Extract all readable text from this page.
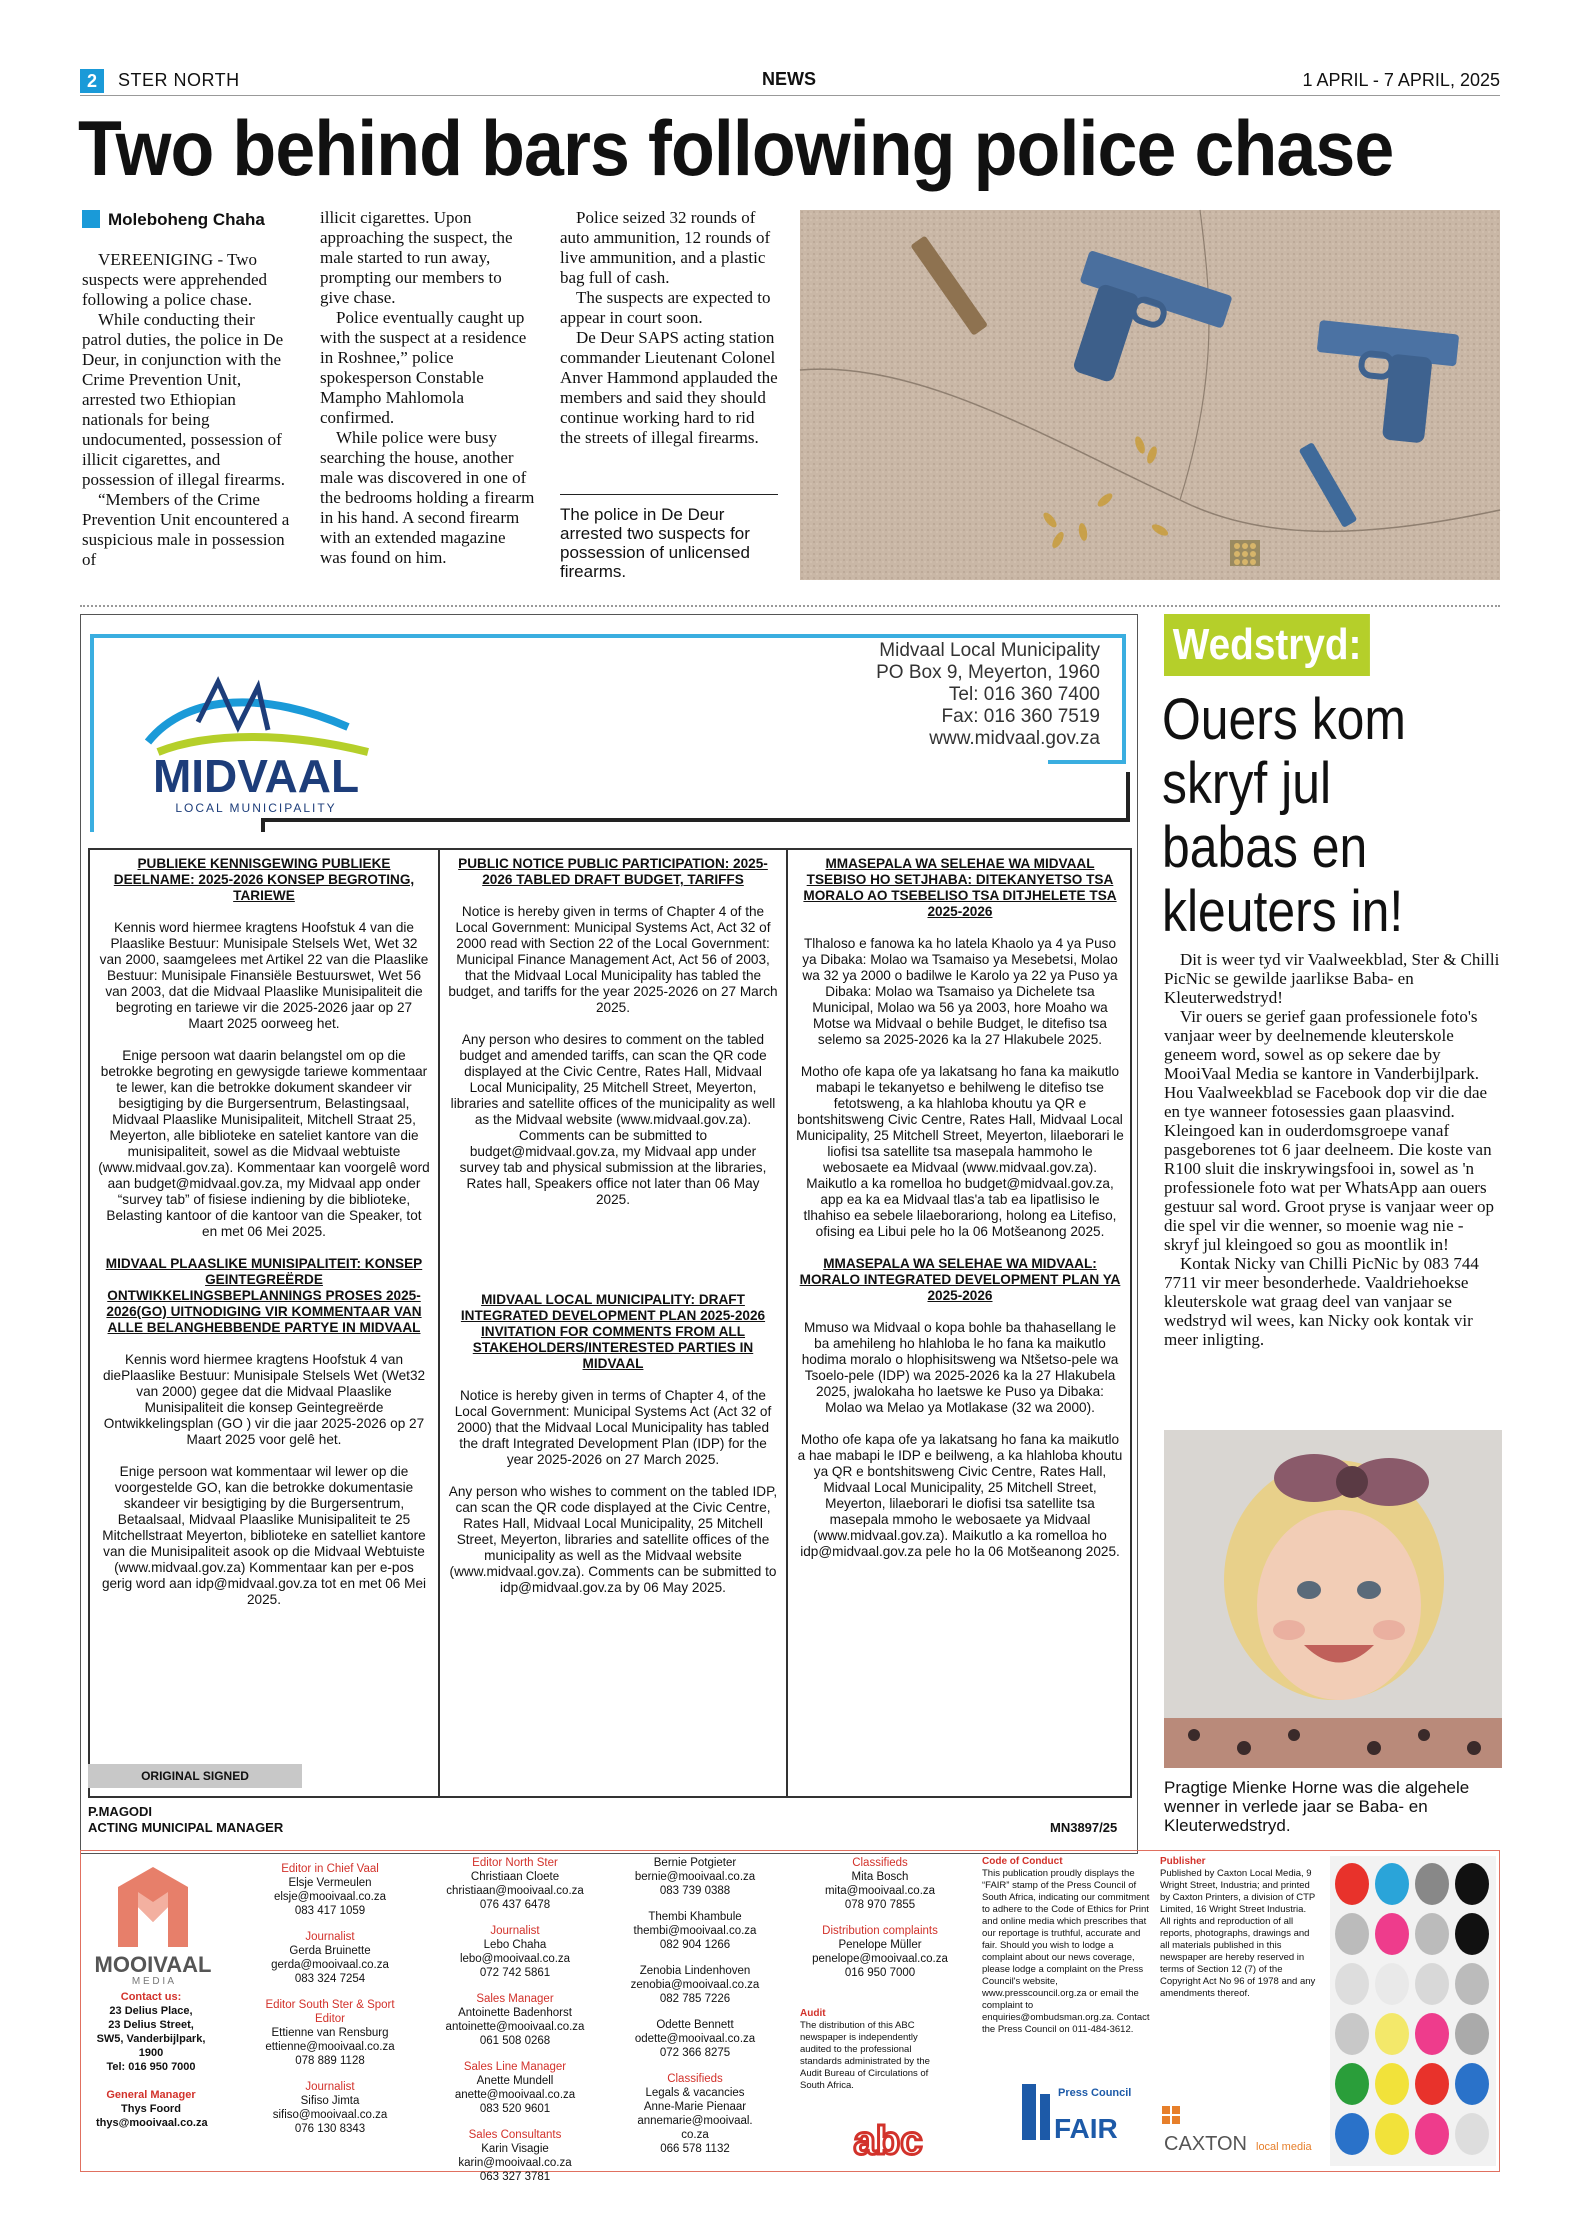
2	STER NORTH	NEWS	1 APRIL - 7 APRIL, 2025
Two behind bars following police chase
Moleboheng Chaha

VEREENIGING - Two suspects were apprehended following a police chase.

While conducting their patrol duties, the police in De Deur, in conjunction with the Crime Prevention Unit, arrested two Ethiopian nationals for being undocumented, possession of illicit cigarettes, and possession of illegal firearms.

“Members of the Crime Prevention Unit encountered a suspicious male in possession of

illicit cigarettes. Upon approaching the suspect, the male started to run away, prompting our members to give chase.

Police eventually caught up with the suspect at a residence in Roshnee,” police spokesperson Constable Mampho Mahlomola confirmed.

While police were busy searching the house, another male was discovered in one of the bedrooms holding a firearm in his hand. A second firearm with an extended magazine was found on him.

Police seized 32 rounds of auto ammunition, 12 rounds of live ammunition, and a plastic bag full of cash.

The suspects are expected to appear in court soon.

De Deur SAPS acting station commander Lieutenant Colonel Anver Hammond applauded the members and said they should continue working hard to rid the streets of illegal firearms.

The police in De Deur arrested two suspects for possession of unlicensed firearms.
MIDVAAL
LOCAL MUNICIPALITY
Midvaal Local Municipality
PO Box 9, Meyerton, 1960
Tel: 016 360 7400
Fax: 016 360 7519
www.midvaal.gov.za
PUBLIEKE KENNISGEWING PUBLIEKE DEELNAME: 2025-2026 KONSEP BEGROTING, TARIEWE

Kennis word hiermee kragtens Hoofstuk 4 van die Plaaslike Bestuur: Munisipale Stelsels Wet, Wet 32 van 2000, saamgelees met Artikel 22 van die Plaaslike Bestuur: Munisipale Finansiële Bestuurswet, Wet 56 van 2003, dat die Midvaal Plaaslike Munisipaliteit die begroting en tariewe vir die 2025-2026 jaar op 27 Maart 2025 oorweeg het.

Enige persoon wat daarin belangstel om op die betrokke begroting en gewysigde tariewe kommentaar te lewer, kan die betrokke dokument skandeer vir besigtiging by die Burgersentrum, Belastingsaal, Midvaal Plaaslike Munisipaliteit, Mitchell Straat 25, Meyerton, alle biblioteke en sateliet kantore van die munisipaliteit, sowel as die Midvaal webtuiste (www.midvaal.gov.za). Kommentaar kan voorgelê word aan budget@midvaal.gov.za, my Midvaal app onder “survey tab” of fisiese indiening by die biblioteke, Belasting kantoor of die kantoor van die Speaker, tot en met 06 Mei 2025.

MIDVAAL PLAASLIKE MUNISIPALITEIT: KONSEP GEINTEGREËRDE ONTWIKKELINGSBEPLANNINGS PROSES 2025-2026(GO) UITNODIGING VIR KOMMENTAAR VAN ALLE BELANGHEBBENDE PARTYE IN MIDVAAL

Kennis word hiermee kragtens Hoofstuk 4 van diePlaaslike Bestuur: Munisipale Stelsels Wet (Wet32 van 2000) gegee dat die Midvaal Plaaslike Munisipaliteit die konsep Geintegreërde Ontwikkelingsplan (GO ) vir die jaar 2025-2026 op 27 Maart 2025 voor gelê het.

Enige persoon wat kommentaar wil lewer op die voorgestelde GO, kan die betrokke dokumentasie skandeer vir besigtiging by die Burgersentrum, Betaalsaal, Midvaal Plaaslike Munisipaliteit te 25 Mitchellstraat Meyerton, biblioteke en satelliet kantore van die Munisipaliteit asook op die Midvaal Webtuiste (www.midvaal.gov.za) Kommentaar kan per e-pos gerig word aan idp@midvaal.gov.za tot en met 06 Mei 2025.

PUBLIC NOTICE PUBLIC PARTICIPATION: 2025-2026 TABLED DRAFT BUDGET, TARIFFS

Notice is hereby given in terms of Chapter 4 of the Local Government: Municipal Systems Act, Act 32 of 2000 read with Section 22 of the Local Government: Municipal Finance Management Act, Act 56 of 2003, that the Midvaal Local Municipality has tabled the budget, and tariffs for the year 2025-2026 on 27 March 2025.

Any person who desires to comment on the tabled budget and amended tariffs, can scan the QR code displayed at the Civic Centre, Rates Hall, Midvaal Local Municipality, 25 Mitchell Street, Meyerton, libraries and satellite offices of the municipality as well as the Midvaal website (www.midvaal.gov.za). Comments can be submitted to budget@midvaal.gov.za, my Midvaal app under survey tab and physical submission at the libraries, Rates hall, Speakers office not later than 06 May 2025.

MIDVAAL LOCAL MUNICIPALITY: DRAFT INTEGRATED DEVELOPMENT PLAN 2025-2026 INVITATION FOR COMMENTS FROM ALL STAKEHOLDERS/INTERESTED PARTIES IN MIDVAAL

Notice is hereby given in terms of Chapter 4, of the Local Government: Municipal Systems Act (Act 32 of 2000) that the Midvaal Local Municipality has tabled the draft Integrated Development Plan (IDP) for the year 2025-2026 on 27 March 2025.

Any person who wishes to comment on the tabled IDP, can scan the QR code displayed at the Civic Centre, Rates Hall, Midvaal Local Municipality, 25 Mitchell Street, Meyerton, libraries and satellite offices of the municipality as well as the Midvaal website (www.midvaal.gov.za). Comments can be submitted to idp@midvaal.gov.za by 06 May 2025.

MMASEPALA WA SELEHAE WA MIDVAAL TSEBISO HO SETJHABA: DITEKANYETSO TSA MORALO AO TSEBELISO TSA DITJHELETE TSA 2025-2026

Tlhaloso e fanowa ka ho latela Khaolo ya 4 ya Puso ya Dibaka: Molao wa Tsamaiso ya Mesebetsi, Molao wa 32 ya 2000 o badilwe le Karolo ya 22 ya Puso ya Dibaka: Molao wa Tsamaiso ya Dichelete tsa Municipal, Molao wa 56 ya 2003, hore Moaho wa Motse wa Midvaal o behile Budget, le ditefiso tsa selemo sa 2025-2026 ka la 27 Hlakubele 2025.

Motho ofe kapa ofe ya lakatsang ho fana ka maikutlo mabapi le tekanyetso e behilweng le ditefiso tse fetotsweng, a ka hlahloba khoutu ya QR e bontshitsweng Civic Centre, Rates Hall, Midvaal Local Municipality, 25 Mitchell Street, Meyerton, lilaeborari le liofisi tsa satellite tsa masepala hammoho le webosaete ea Midvaal (www.midvaal.gov.za). Maikutlo a ka romelloa ho budget@midvaal.gov.za, app ea ka ea Midvaal tlas'a tab ea lipatlisiso le tlhahiso ea sebele lilaeborariong, holong ea Litefiso, ofising ea Libui pele ho la 06 Motšeanong 2025.

MMASEPALA WA SELEHAE WA MIDVAAL: MORALO INTEGRATED DEVELOPMENT PLAN YA 2025-2026

Mmuso wa Midvaal o kopa bohle ba thahasellang le ba amehileng ho hlahloba le ho fana ka maikutlo hodima moralo o hlophisitsweng wa Ntšetso-pele wa Tsoelo-pele (IDP) wa 2025-2026 ka la 27 Hlakubela 2025, jwalokaha ho laetswe ke Puso ya Dibaka: Molao wa Melao ya Motlakase (32 wa 2000).

Motho ofe kapa ofe ya lakatsang ho fana ka maikutlo a hae mabapi le IDP e beilweng, a ka hlahloba khoutu ya QR e bontshitsweng Civic Centre, Rates Hall, Midvaal Local Municipality, 25 Mitchell Street, Meyerton, lilaeborari le diofisi tsa satellite tsa masepala mmoho le webosaete ya Midvaal (www.midvaal.gov.za). Maikutlo a ka romelloa ho idp@midvaal.gov.za pele ho la 06 Motšeanong 2025.

ORIGINAL SIGNED
P.MAGODI
ACTING MUNICIPAL MANAGER	MN3897/25
Wedstryd:
Ouers kom skryf jul babas en kleuters in!

Dit is weer tyd vir Vaalweekblad, Ster & Chilli PicNic se gewilde jaarlikse Baba- en Kleuterwedstryd!

Vir ouers se gerief gaan professionele foto's vanjaar weer by deelnemende kleuterskole geneem word, sowel as op sekere dae by MooiVaal Media se kantore in Vanderbijlpark. Hou Vaalweekblad se Facebook dop vir die dae en tye wanneer fotosessies gaan plaasvind. Kleingoed kan in ouderdomsgroepe vanaf pasgeborenes tot 6 jaar deelneem. Die koste van R100 sluit die inskrywingsfooi in, sowel as 'n professionele foto wat per WhatsApp aan ouers gestuur sal word. Groot pryse is vanjaar weer op die spel vir die wenner, so moenie wag nie - skryf jul kleingoed so gou as moontlik in!

Kontak Nicky van Chilli PicNic by 083 744 7711 vir meer besonderhede. Vaaldriehoekse kleuterskole wat graag deel van vanjaar se wedstryd wil wees, kan Nicky ook kontak vir meer inligting.

Pragtige Mienke Horne was die algehele wenner in verlede jaar se Baba- en Kleuterwedstryd.
MOOIVAAL
M E D I A
Contact us:
23 Delius Place,
23 Delius Street,
SW5, Vanderbijlpark,
1900
Tel: 016 950 7000
General Manager
Thys Foord
thys@mooivaal.co.za
Editor in Chief Vaal
Elsje Vermeulen
elsje@mooivaal.co.za
083 417 1059
Journalist
Gerda Bruinette
gerda@mooivaal.co.za
083 324 7254
Editor South Ster & Sport Editor
Ettienne van Rensburg
ettienne@mooivaal.co.za
078 889 1128
Journalist
Sifiso Jimta
sifiso@mooivaal.co.za
076 130 8343
Editor North Ster
Christiaan Cloete
christiaan@mooivaal.co.za
076 437 6478
Journalist
Lebo Chaha
lebo@mooivaal.co.za
072 742 5861
Sales Manager
Antoinette Badenhorst
antoinette@mooivaal.co.za
061 508 0268
Sales Line Manager
Anette Mundell
anette@mooivaal.co.za
083 520 9601
Sales Consultants
Karin Visagie
karin@mooivaal.co.za
063 327 3781
Bernie Potgieter
bernie@mooivaal.co.za
083 739 0388
Thembi Khambule
thembi@mooivaal.co.za
082 904 1266
Zenobia Lindenhoven
zenobia@mooivaal.co.za
082 785 7226
Odette Bennett
odette@mooivaal.co.za
072 366 8275
Classifieds
Legals & vacancies
Anne-Marie Pienaar
annemarie@mooivaal.
co.za
066 578 1132
Classifieds
Mita Bosch
mita@mooivaal.co.za
078 970 7855
Distribution complaints
Penelope Müller
penelope@mooivaal.co.za
016 950 7000
Audit
The distribution of this ABC newspaper is independently audited to the professional standards administrated by the Audit Bureau of Circulations of South Africa.
abc
Code of Conduct
This publication proudly displays the “FAIR” stamp of the Press Council of South Africa, indicating our commitment to adhere to the Code of Ethics for Print and online media which prescribes that our reportage is truthful, accurate and fair. Should you wish to lodge a complaint about our news coverage, please lodge a complaint on the Press Council's website, www.presscouncil.org.za or email the complaint to enquiries@ombudsman.org.za. Contact the Press Council on 011-484-3612.
Press Council
FAIR
Publisher
Published by Caxton Local Media, 9 Wright Street, Industria; and printed by Caxton Printers, a division of CTP Limited, 16 Wright Street Industria. All rights and reproduction of all reports, photographs, drawings and all materials published in this newspaper are hereby reserved in terms of Section 12 (7) of the Copyright Act No 96 of 1978 and any amendments thereof.
CAXTON local media
